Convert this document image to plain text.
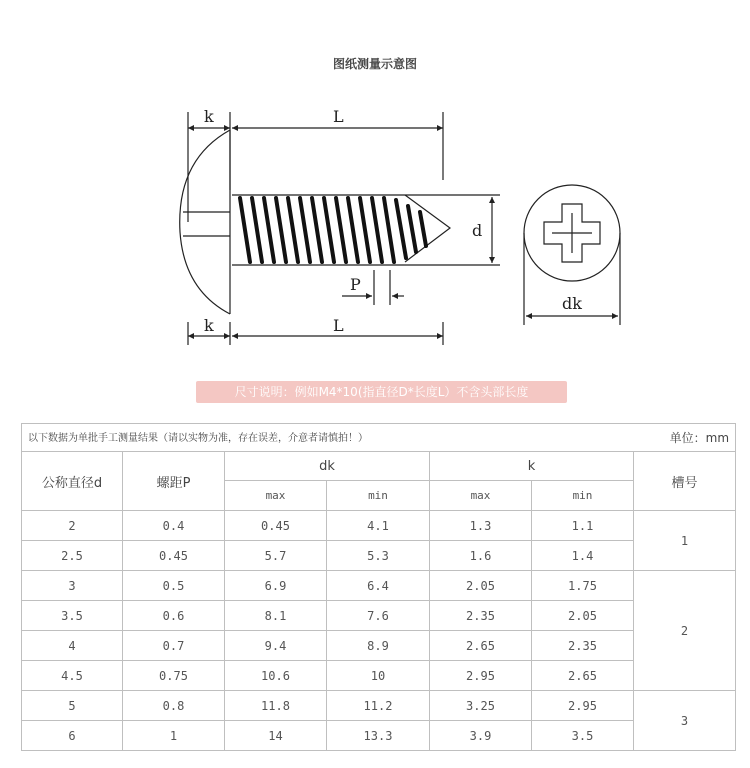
图纸测量示意图
k	L
d
P
dk
k	L
尺寸说明：例如M4*10(指直径D*长度L）不含头部长度
以下数据为单批手工测量结果（请以实物为准，存在误差，介意者请慎拍！） 单位：mm						

公称直径d	螺距P	dk		k		槽号
		max	min	max	min	
2	0.4	0.45	4.1	1.3	1.1	1
2.5	0.45	5.7	5.3	1.6	1.4	
3	0.5	6.9	6.4	2.05	1.75	2
3.5	0.6	8.1	7.6	2.35	2.05	
4	0.7	9.4	8.9	2.65	2.35	
4.5	0.75	10.6	10	2.95	2.65	
5	0.8	11.8	11.2	3.25	2.95	3
6	1	14	13.3	3.9	3.5	
